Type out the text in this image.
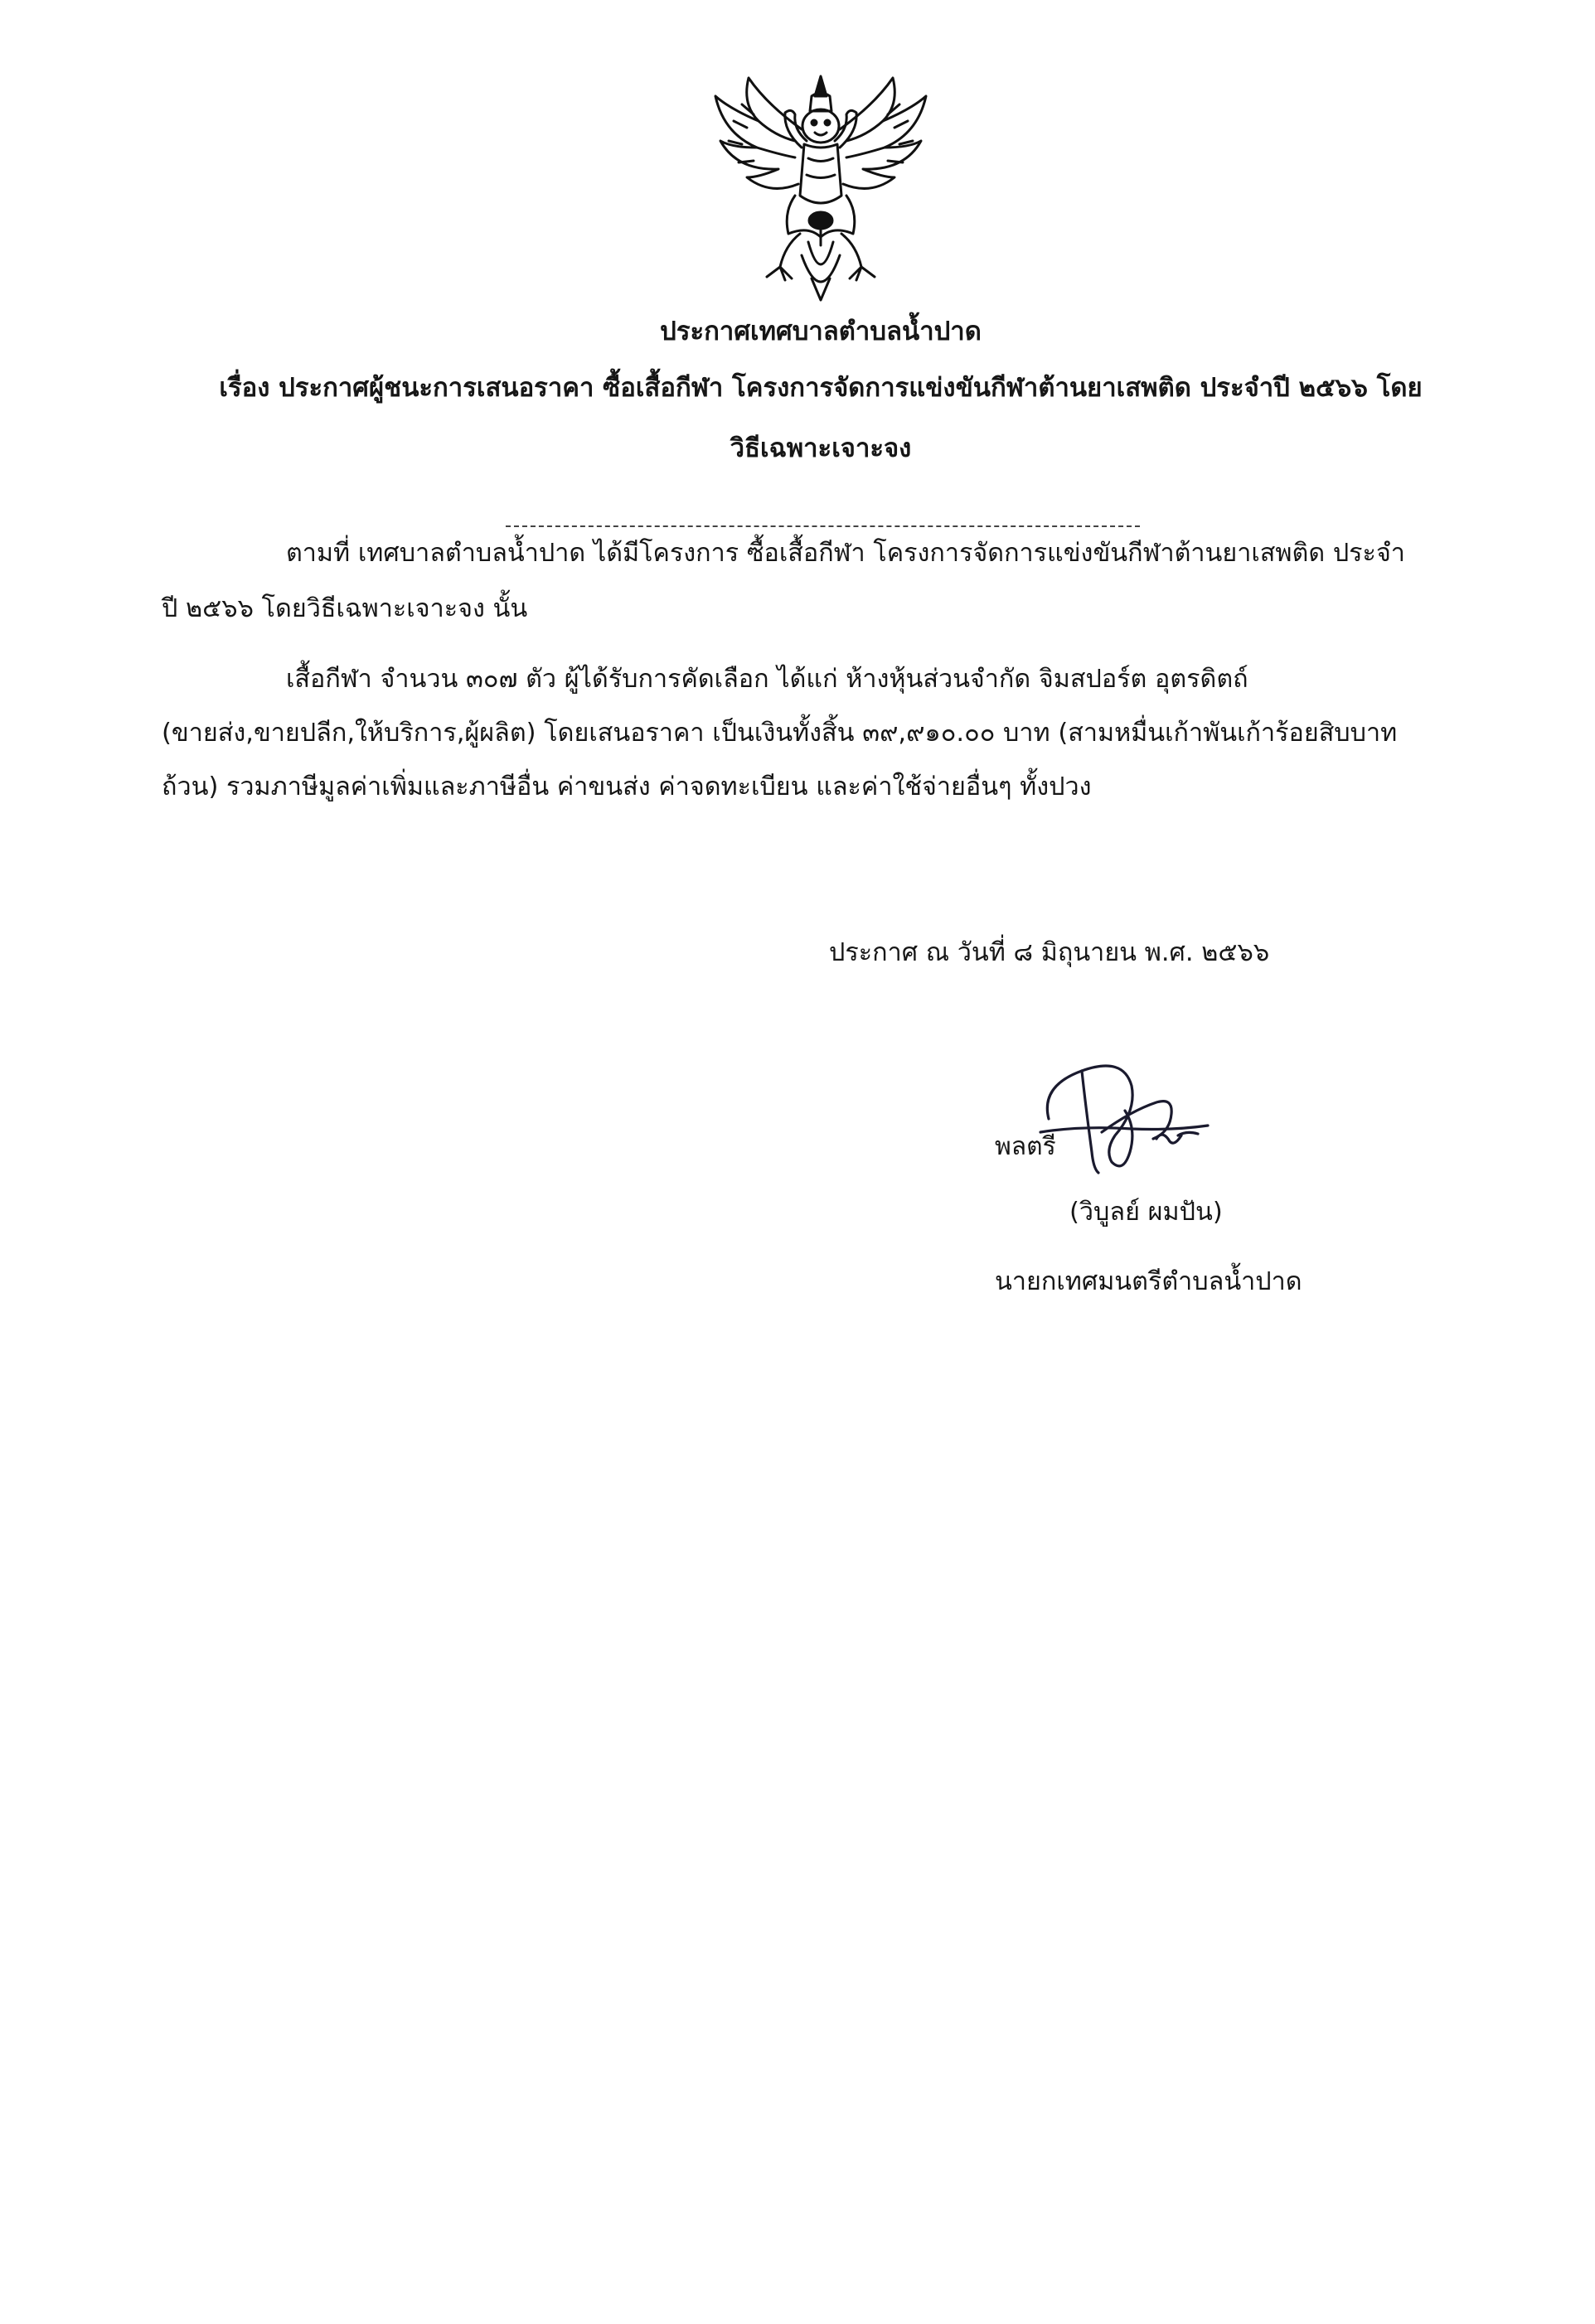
ประกาศเทศบาลตำบลน้ำปาด
เรื่อง ประกาศผู้ชนะการเสนอราคา ซื้อเสื้อกีฬา โครงการจัดการแข่งขันกีฬาต้านยาเสพติด ประจำปี ๒๕๖๖ โดย
วิธีเฉพาะเจาะจง
ตามที่ เทศบาลตำบลน้ำปาด ได้มีโครงการ ซื้อเสื้อกีฬา โครงการจัดการแข่งขันกีฬาต้านยาเสพติด ประจำ
ปี ๒๕๖๖ โดยวิธีเฉพาะเจาะจง นั้น
เสื้อกีฬา จำนวน ๓๐๗ ตัว ผู้ได้รับการคัดเลือก ได้แก่ ห้างหุ้นส่วนจำกัด จิมสปอร์ต อุตรดิตถ์
(ขายส่ง,ขายปลีก,ให้บริการ,ผู้ผลิต) โดยเสนอราคา เป็นเงินทั้งสิ้น ๓๙,๙๑๐.๐๐ บาท (สามหมื่นเก้าพันเก้าร้อยสิบบาท
ถ้วน) รวมภาษีมูลค่าเพิ่มและภาษีอื่น ค่าขนส่ง ค่าจดทะเบียน และค่าใช้จ่ายอื่นๆ ทั้งปวง
ประกาศ ณ วันที่ ๘ มิถุนายน พ.ศ. ๒๕๖๖
พลตรี
(วิบูลย์ ผมปัน)
นายกเทศมนตรีตำบลน้ำปาด
